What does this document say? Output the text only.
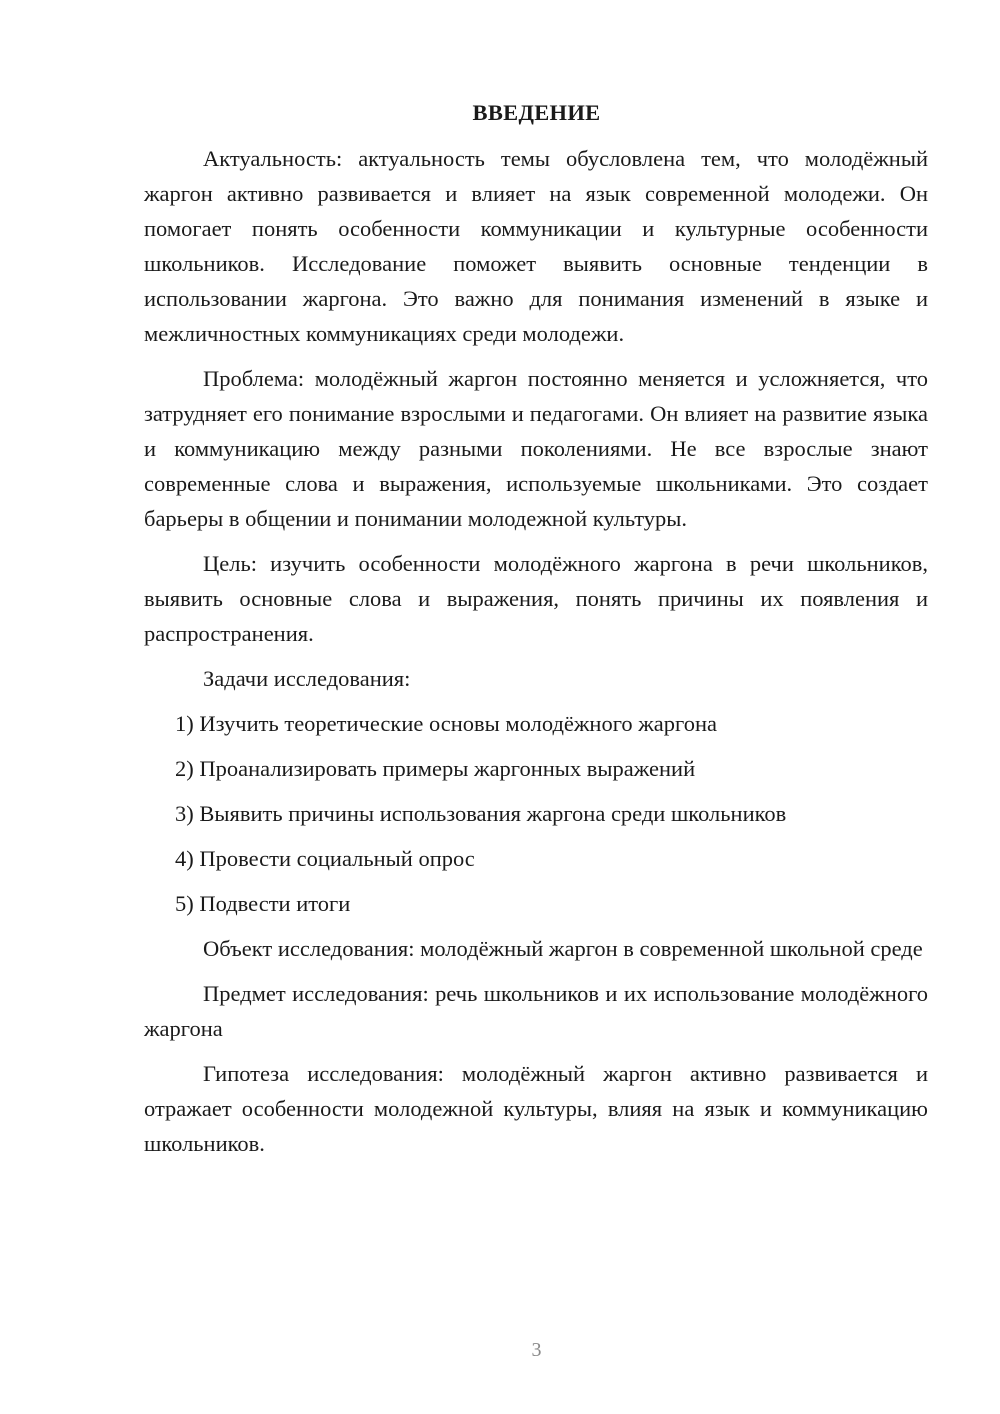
ВВЕДЕНИЕ

Актуальность: актуальность темы обусловлена тем, что молодёжный жаргон активно развивается и влияет на язык современной молодежи. Он помогает понять особенности коммуникации и культурные особенности школьников. Исследование поможет выявить основные тенденции в использовании жаргона. Это важно для понимания изменений в языке и межличностных коммуникациях среди молодежи.

Проблема: молодёжный жаргон постоянно меняется и усложняется, что затрудняет его понимание взрослыми и педагогами. Он влияет на развитие языка и коммуникацию между разными поколениями. Не все взрослые знают современные слова и выражения, используемые школьниками. Это создает барьеры в общении и понимании молодежной культуры.

Цель: изучить особенности молодёжного жаргона в речи школьников, выявить основные слова и выражения, понять причины их появления и распространения.

Задачи исследования:

1) Изучить теоретические основы молодёжного жаргона
2) Проанализировать примеры жаргонных выражений
3) Выявить причины использования жаргона среди школьников
4) Провести социальный опрос
5) Подвести итоги

Объект исследования: молодёжный жаргон в современной школьной среде

Предмет исследования: речь школьников и их использование молодёжного жаргона

Гипотеза исследования: молодёжный жаргон активно развивается и отражает особенности молодежной культуры, влияя на язык и коммуникацию школьников.

3
